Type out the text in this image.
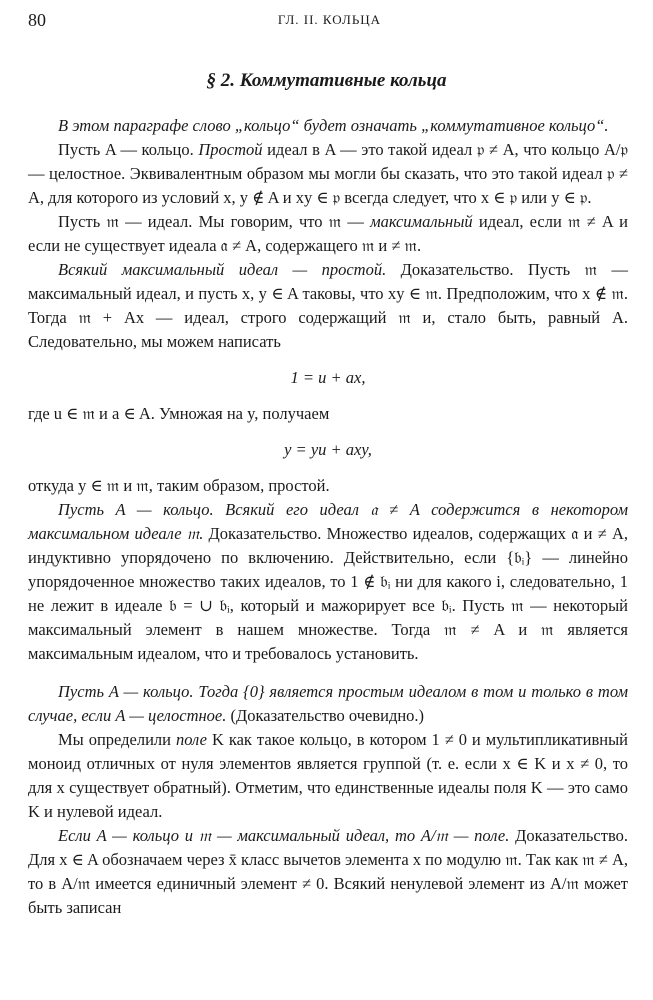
80	ГЛ. II. КОЛЬЦА
§ 2. Коммутативные кольца

В этом параграфе слово „кольцо“ будет означать „коммутативное кольцо“.

Пусть A — кольцо. Простой идеал в A — это такой идеал 𝔭 ≠ A, что кольцо A/𝔭 — целостное. Эквивалентным образом мы могли бы сказать, что это такой идеал 𝔭 ≠ A, для которого из условий x, y ∉ A и xy ∈ 𝔭 всегда следует, что x ∈ 𝔭 или y ∈ 𝔭.

Пусть 𝔪 — идеал. Мы говорим, что 𝔪 — максимальный идеал, если 𝔪 ≠ A и если не существует идеала 𝔞 ≠ A, содержащего 𝔪 и ≠ 𝔪.

Всякий максимальный идеал — простой. Доказательство. Пусть 𝔪 — максимальный идеал, и пусть x, y ∈ A таковы, что xy ∈ 𝔪. Предположим, что x ∉ 𝔪. Тогда 𝔪 + Ax — идеал, строго содержащий 𝔪 и, стало быть, равный A. Следовательно, мы можем написать

1 = u + ax,

где u ∈ 𝔪 и a ∈ A. Умножая на y, получаем

y = yu + axy,

откуда y ∈ 𝔪 и 𝔪, таким образом, простой.

Пусть A — кольцо. Всякий его идеал 𝔞 ≠ A содержится в некотором максимальном идеале 𝔪. Доказательство. Множество идеалов, содержащих 𝔞 и ≠ A, индуктивно упорядочено по включению. Действительно, если {𝔟ᵢ} — линейно упорядоченное множество таких идеалов, то 1 ∉ 𝔟ᵢ ни для какого i, следовательно, 1 не лежит в идеале 𝔟 = ∪ 𝔟ᵢ, который и мажорирует все 𝔟ᵢ. Пусть 𝔪 — некоторый максимальный элемент в нашем множестве. Тогда 𝔪 ≠ A и 𝔪 является максимальным идеалом, что и требовалось установить.

Пусть A — кольцо. Тогда {0} является простым идеалом в том и только в том случае, если A — целостное. (Доказательство очевидно.)

Мы определили поле K как такое кольцо, в котором 1 ≠ 0 и мультипликативный моноид отличных от нуля элементов является группой (т. е. если x ∈ K и x ≠ 0, то для x существует обратный). Отметим, что единственные идеалы поля K — это само K и нулевой идеал.

Если A — кольцо и 𝔪 — максимальный идеал, то A/𝔪 — поле. Доказательство. Для x ∈ A обозначаем через x̄ класс вычетов элемента x по модулю 𝔪. Так как 𝔪 ≠ A, то в A/𝔪 имеется единичный элемент ≠ 0. Всякий ненулевой элемент из A/𝔪 может быть записан
